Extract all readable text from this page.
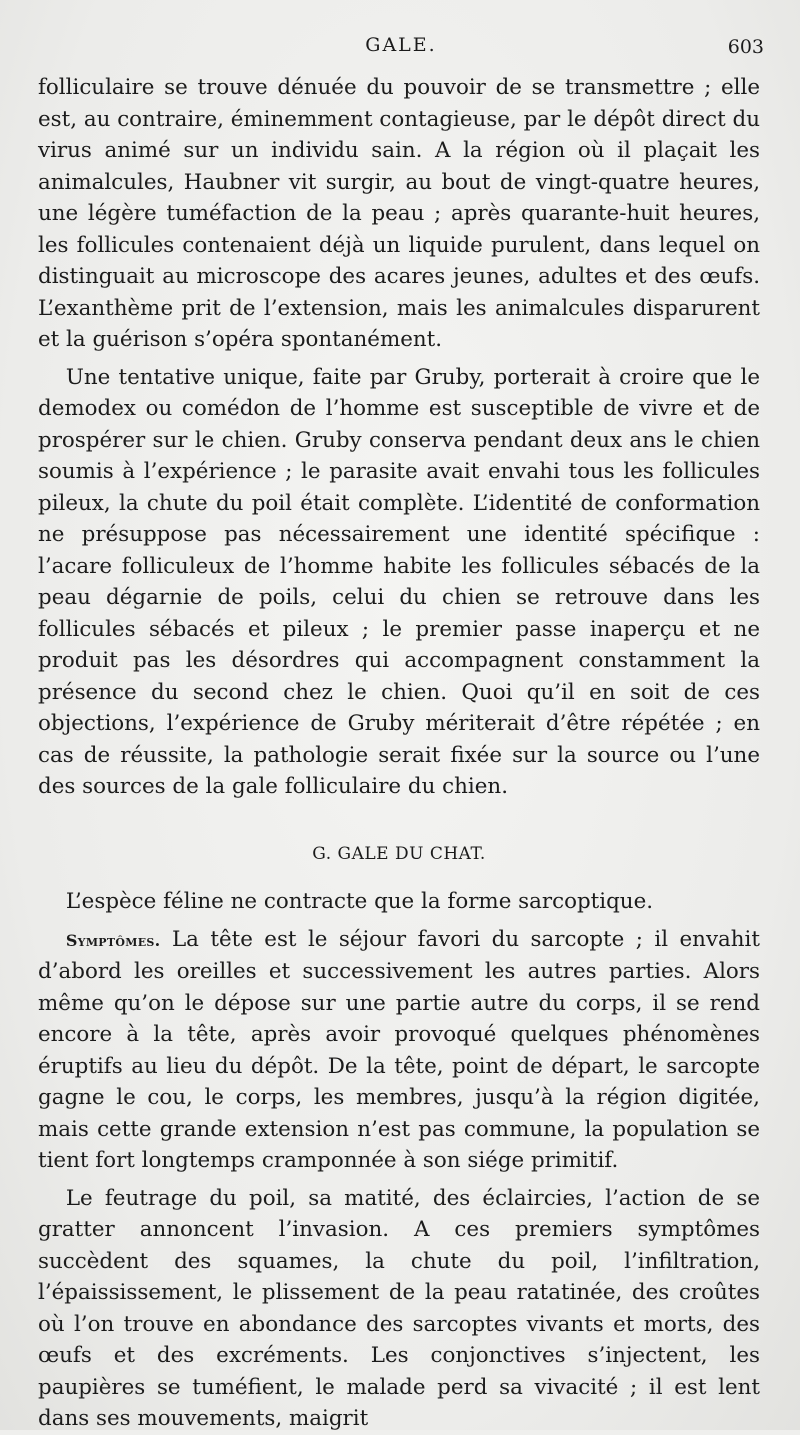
GALE.	603

folliculaire se trouve dénuée du pouvoir de se transmettre ; elle est, au contraire, éminemment contagieuse, par le dépôt direct du virus animé sur un individu sain. A la région où il plaçait les animalcules, Haubner vit surgir, au bout de vingt-quatre heures, une légère tuméfaction de la peau ; après quarante-huit heures, les follicules contenaient déjà un liquide purulent, dans lequel on distinguait au microscope des acares jeunes, adultes et des œufs. L’exanthème prit de l’extension, mais les animalcules disparurent et la guérison s’opéra spontanément.

Une tentative unique, faite par Gruby, porterait à croire que le demodex ou comédon de l’homme est susceptible de vivre et de prospérer sur le chien. Gruby conserva pendant deux ans le chien soumis à l’expérience ; le parasite avait envahi tous les follicules pileux, la chute du poil était complète. L’identité de conformation ne présuppose pas nécessairement une identité spécifique : l’acare folliculeux de l’homme habite les follicules sébacés de la peau dégarnie de poils, celui du chien se retrouve dans les follicules sébacés et pileux ; le premier passe inaperçu et ne produit pas les désordres qui accompagnent constamment la présence du second chez le chien. Quoi qu’il en soit de ces objections, l’expérience de Gruby mériterait d’être répétée ; en cas de réussite, la pathologie serait fixée sur la source ou l’une des sources de la gale folliculaire du chien.

G. GALE DU CHAT.

L’espèce féline ne contracte que la forme sarcoptique.

Symptômes. La tête est le séjour favori du sarcopte ; il envahit d’abord les oreilles et successivement les autres parties. Alors même qu’on le dépose sur une partie autre du corps, il se rend encore à la tête, après avoir provoqué quelques phénomènes éruptifs au lieu du dépôt. De la tête, point de départ, le sarcopte gagne le cou, le corps, les membres, jusqu’à la région digitée, mais cette grande extension n’est pas commune, la population se tient fort longtemps cramponnée à son siége primitif.

Le feutrage du poil, sa matité, des éclaircies, l’action de se gratter annoncent l’invasion. A ces premiers symptômes succèdent des squames, la chute du poil, l’infiltration, l’épaississement, le plissement de la peau ratatinée, des croûtes où l’on trouve en abondance des sarcoptes vivants et morts, des œufs et des excréments. Les conjonctives s’injectent, les paupières se tuméfient, le malade perd sa vivacité ; il est lent dans ses mouvements, maigrit
